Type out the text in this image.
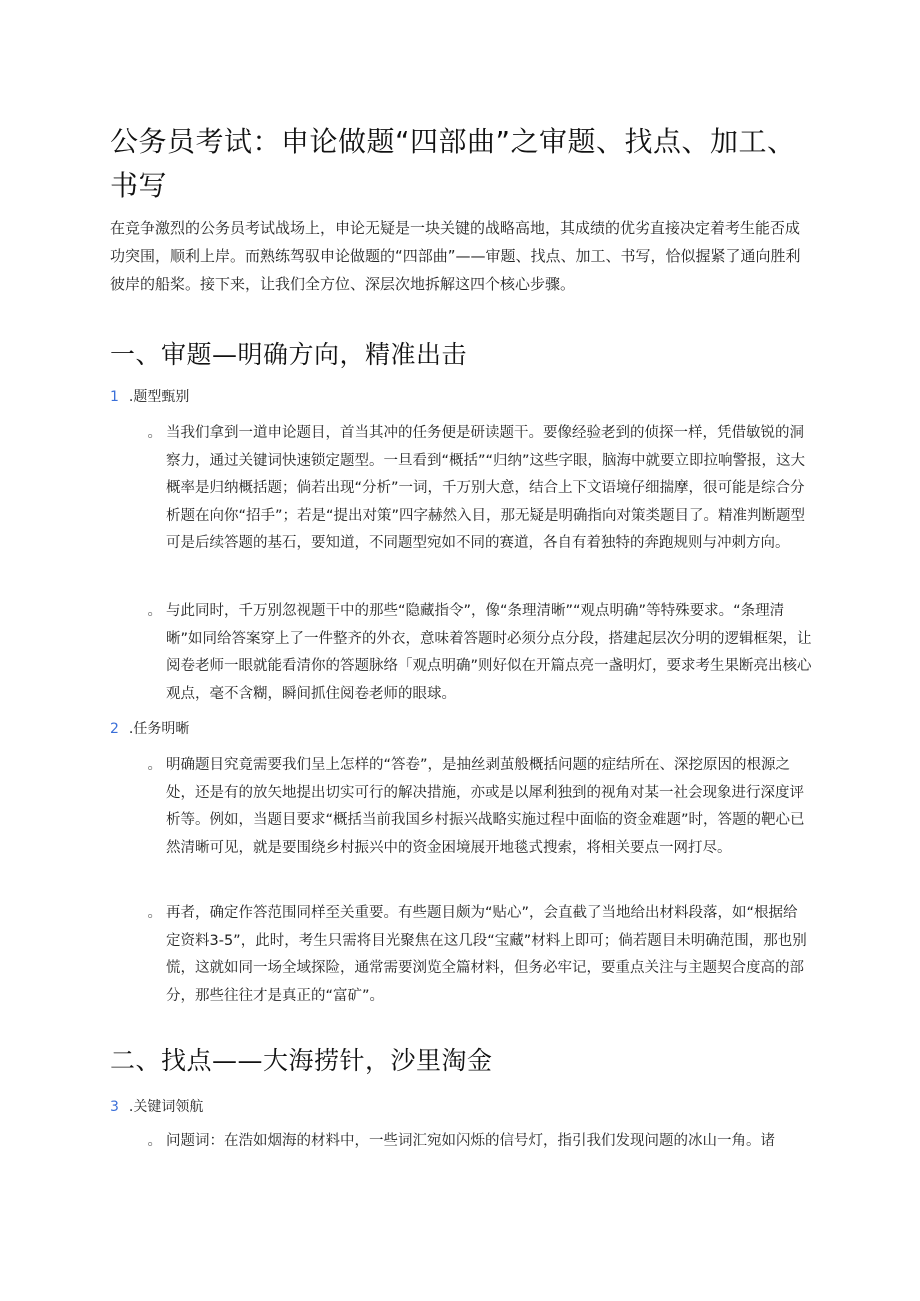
公务员考试：申论做题“四部曲”之审题、找点、加工、书写

在竞争激烈的公务员考试战场上，申论无疑是一块关键的战略高地，其成绩的优劣直接决定着考生能否成功突围，顺利上岸。而熟练驾驭申论做题的“四部曲”——审题、找点、加工、书写，恰似握紧了通向胜利彼岸的船桨。接下来，让我们全方位、深层次地拆解这四个核心步骤。

一、审题—明确方向，精准出击
1 .题型甄别
。 当我们拿到一道申论题目，首当其冲的任务便是研读题干。要像经验老到的侦探一样，凭借敏锐的洞察力，通过关键词快速锁定题型。一旦看到“概括”“归纳”这些字眼，脑海中就要立即拉响警报，这大概率是归纳概括题；倘若出现“分析”一词，千万别大意，结合上下文语境仔细揣摩，很可能是综合分析题在向你“招手”；若是“提出对策”四字赫然入目，那无疑是明确指向对策类题目了。精准判断题型可是后续答题的基石，要知道，不同题型宛如不同的赛道，各自有着独特的奔跑规则与冲刺方向。
。 与此同时，千万别忽视题干中的那些“隐藏指令”，像“条理清晰”“观点明确”等特殊要求。“条理清晰”如同给答案穿上了一件整齐的外衣，意味着答题时必须分点分段，搭建起层次分明的逻辑框架，让阅卷老师一眼就能看清你的答题脉络「观点明确”则好似在开篇点亮一盏明灯，要求考生果断亮出核心观点，毫不含糊，瞬间抓住阅卷老师的眼球。
2 .任务明晰
。 明确题目究竟需要我们呈上怎样的“答卷”，是抽丝剥茧般概括问题的症结所在、深挖原因的根源之处，还是有的放矢地提出切实可行的解决措施，亦或是以犀利独到的视角对某一社会现象进行深度评析等。例如，当题目要求“概括当前我国乡村振兴战略实施过程中面临的资金难题”时，答题的靶心已然清晰可见，就是要围绕乡村振兴中的资金困境展开地毯式搜索，将相关要点一网打尽。
。 再者，确定作答范围同样至关重要。有些题目颇为“贴心”，会直截了当地给出材料段落，如“根据给定资料3-5”，此时，考生只需将目光聚焦在这几段“宝藏”材料上即可；倘若题目未明确范围，那也别慌，这就如同一场全域探险，通常需要浏览全篇材料，但务必牢记，要重点关注与主题契合度高的部分，那些往往才是真正的“富矿”。
二、找点——大海捞针，沙里淘金
3 .关键词领航
。 问题词：在浩如烟海的材料中，一些词汇宛如闪烁的信号灯，指引我们发现问题的冰山一角。诸
